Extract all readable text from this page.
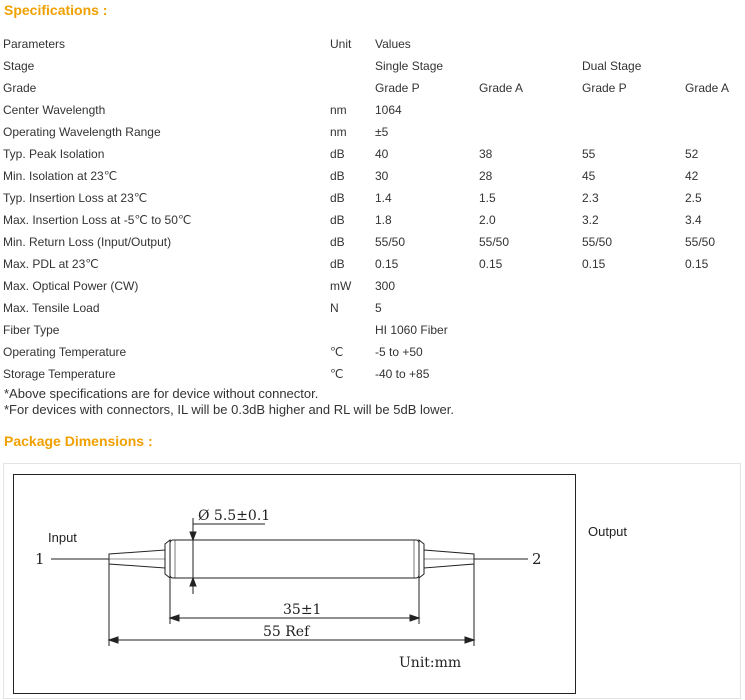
Specifications :
Parameters	Unit	Values			
Stage		Single Stage		Dual Stage	
Grade		Grade P	Grade A	Grade P	Grade A
Center Wavelength	nm	1064			
Operating Wavelength Range	nm	±5			
Typ. Peak Isolation	dB	40	38	55	52
Min. Isolation at 23℃	dB	30	28	45	42
Typ. Insertion Loss at 23℃	dB	1.4	1.5	2.3	2.5
Max. Insertion Loss at -5℃ to 50℃	dB	1.8	2.0	3.2	3.4
Min. Return Loss (Input/Output)	dB	55/50	55/50	55/50	55/50
Max. PDL at 23℃	dB	0.15	0.15	0.15	0.15
Max. Optical Power (CW)	mW	300			
Max. Tensile Load	N	5			
Fiber Type		HI 1060 Fiber			
Operating Temperature	℃	-5 to +50			
Storage Temperature	℃	-40 to +85			
*Above specifications are for device without connector.
*For devices with connectors, IL will be 0.3dB higher and RL will be 5dB lower.
Package Dimensions :
Ø 5.5±0.1
35±1
55 Ref
Input
1	2
Unit:mm
Output
